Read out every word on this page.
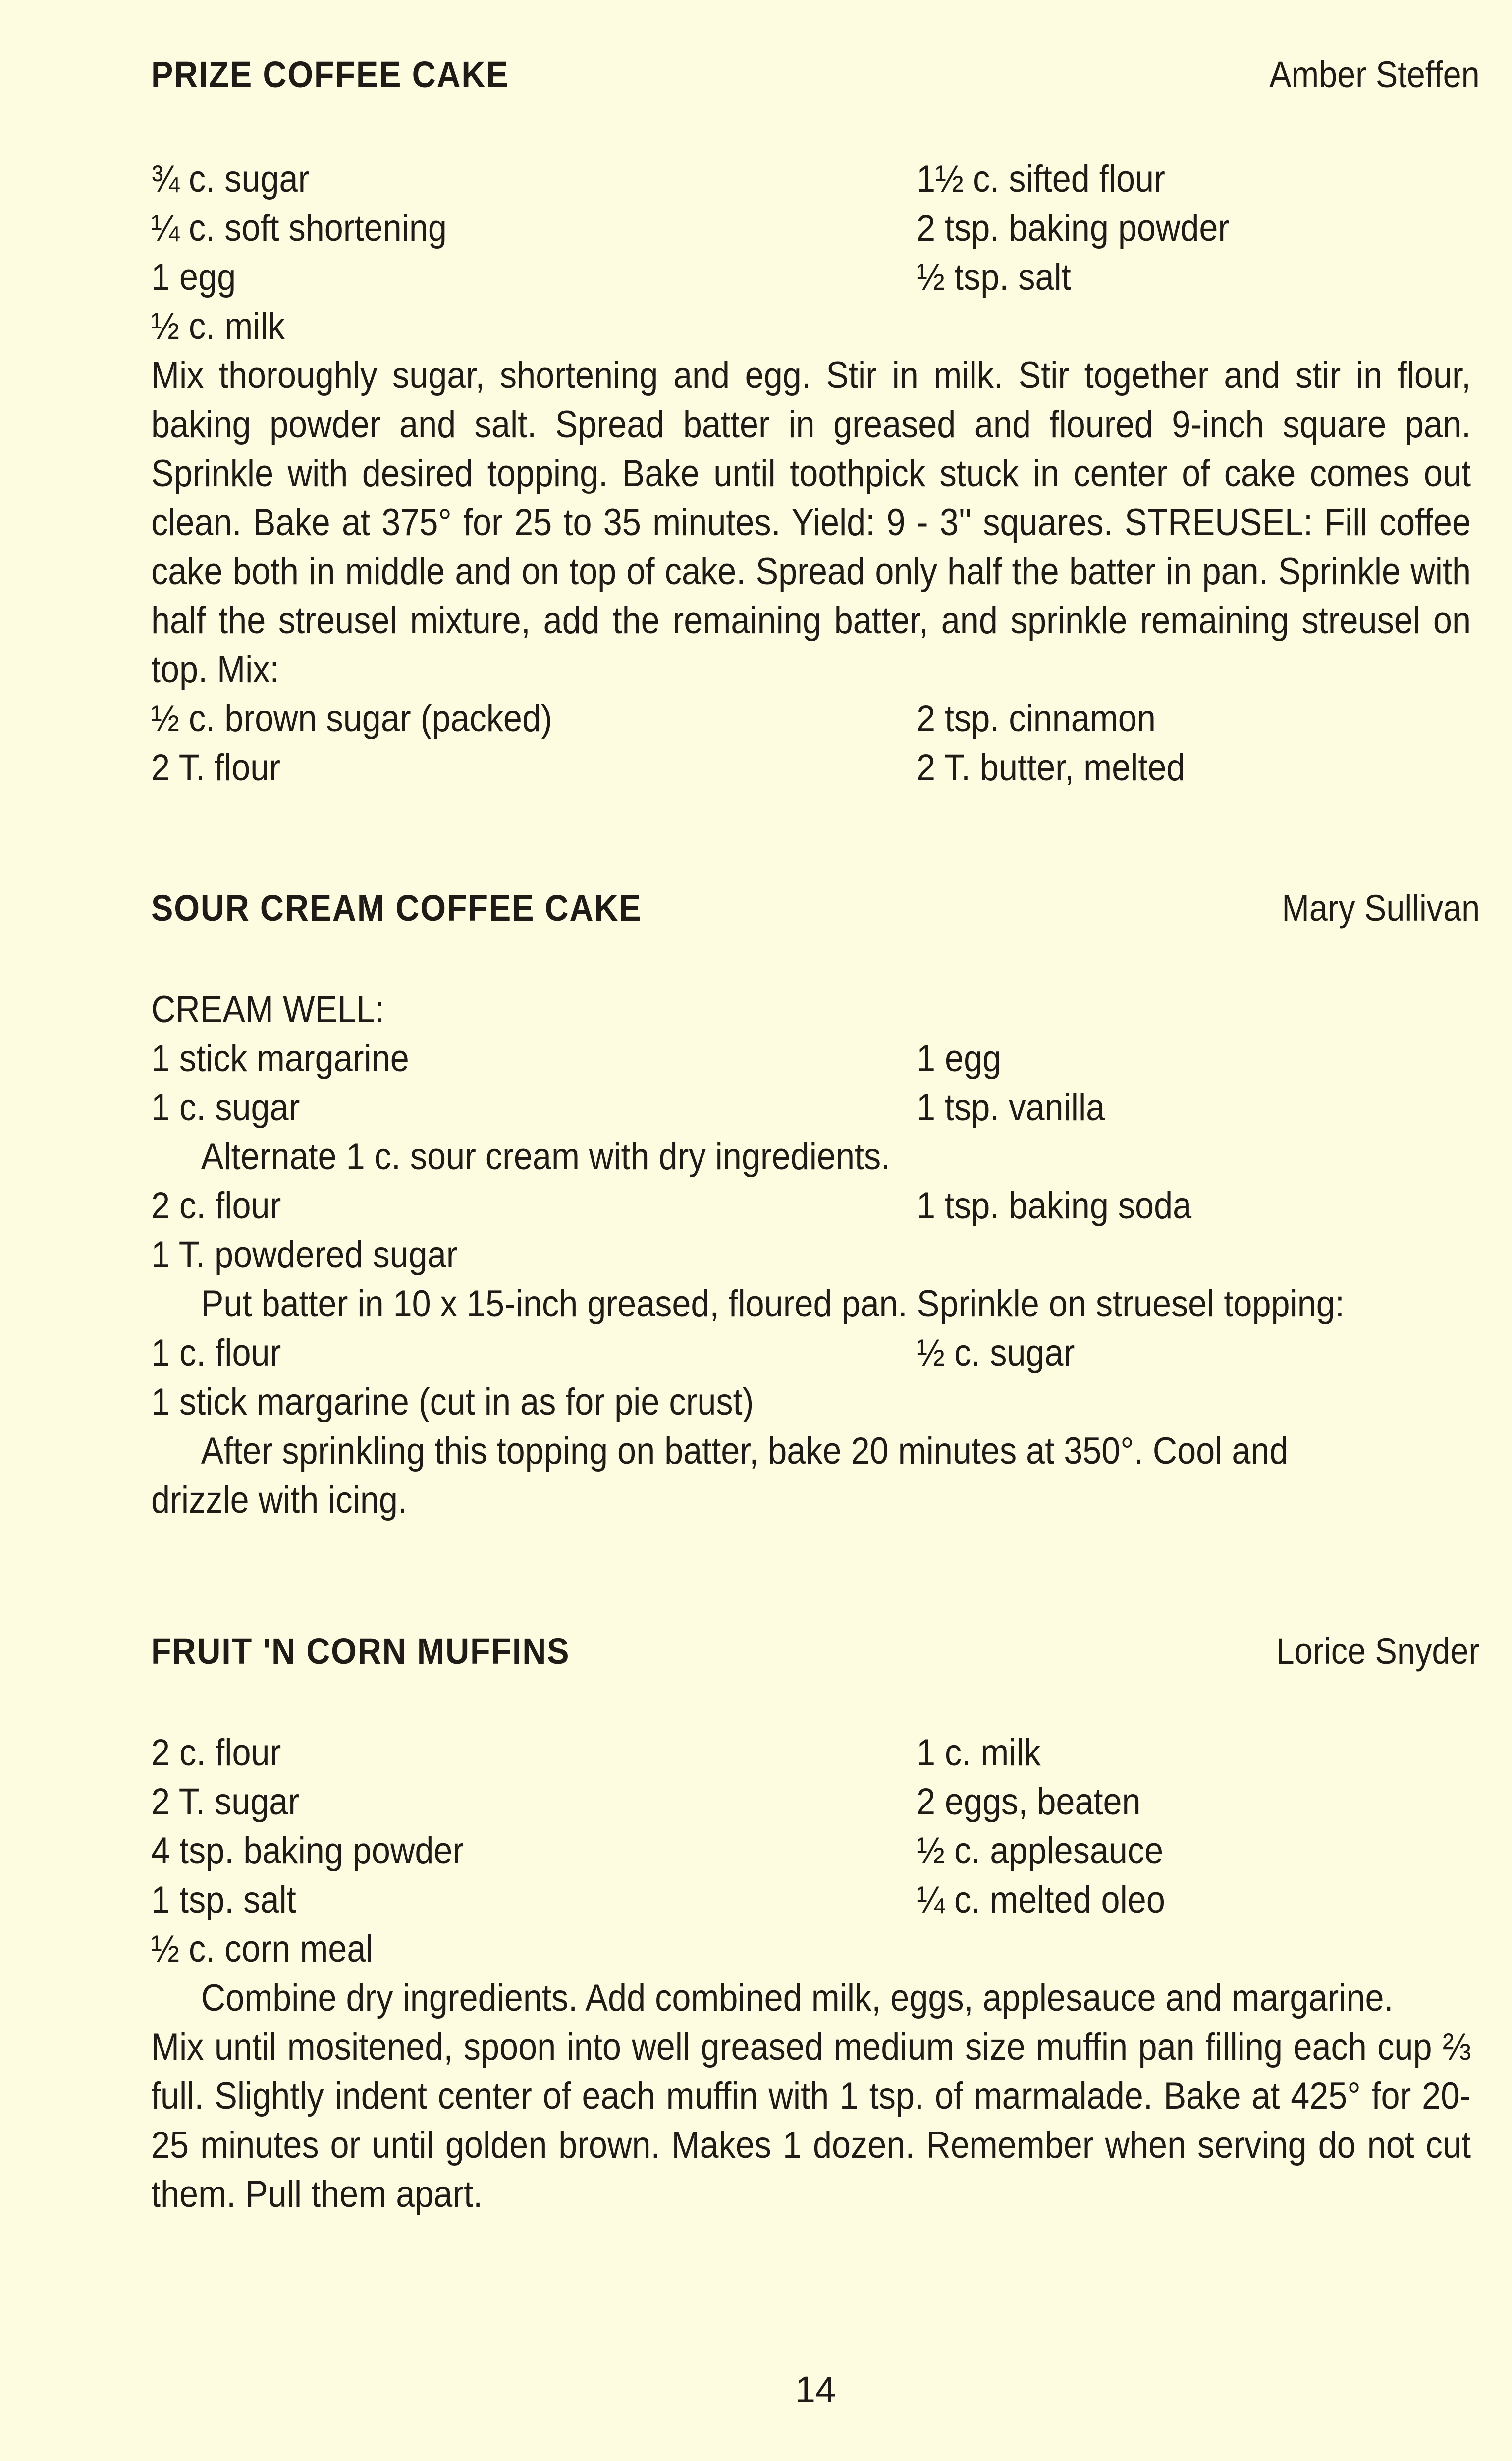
PRIZE COFFEE CAKE	Amber Steffen
¾ c. sugar	1½ c. sifted flour
¼ c. soft shortening	2 tsp. baking powder
1 egg	½ tsp. salt
½ c. milk
Mix thoroughly sugar, shortening and egg. Stir in milk. Stir together and stir in flour, baking powder and salt. Spread batter in greased and floured 9-inch square pan. Sprinkle with desired topping. Bake until toothpick stuck in center of cake comes out clean. Bake at 375° for 25 to 35 minutes. Yield: 9 - 3'' squares. STREUSEL: Fill coffee cake both in middle and on top of cake. Spread only half the batter in pan. Sprinkle with half the streusel mixture, add the remaining batter, and sprinkle remaining streusel on top. Mix:
½ c. brown sugar (packed)	2 tsp. cinnamon
2 T. flour	2 T. butter, melted
SOUR CREAM COFFEE CAKE	Mary Sullivan
CREAM WELL:
1 stick margarine	1 egg
1 c. sugar	1 tsp. vanilla
Alternate 1 c. sour cream with dry ingredients.
2 c. flour	1 tsp. baking soda
1 T. powdered sugar
Put batter in 10 x 15-inch greased, floured pan. Sprinkle on struesel topping:
1 c. flour	½ c. sugar
1 stick margarine (cut in as for pie crust)
After sprinkling this topping on batter, bake 20 minutes at 350°. Cool and
drizzle with icing.
FRUIT 'N CORN MUFFINS	Lorice Snyder
2 c. flour	1 c. milk
2 T. sugar	2 eggs, beaten
4 tsp. baking powder	½ c. applesauce
1 tsp. salt	¼ c. melted oleo
½ c. corn meal
Combine dry ingredients. Add combined milk, eggs, applesauce and margarine.
Mix until mositened, spoon into well greased medium size muffin pan filling each cup ⅔ full. Slightly indent center of each muffin with 1 tsp. of marmalade. Bake at 425° for 20-25 minutes or until golden brown. Makes 1 dozen. Remember when serving do not cut them. Pull them apart.
14
